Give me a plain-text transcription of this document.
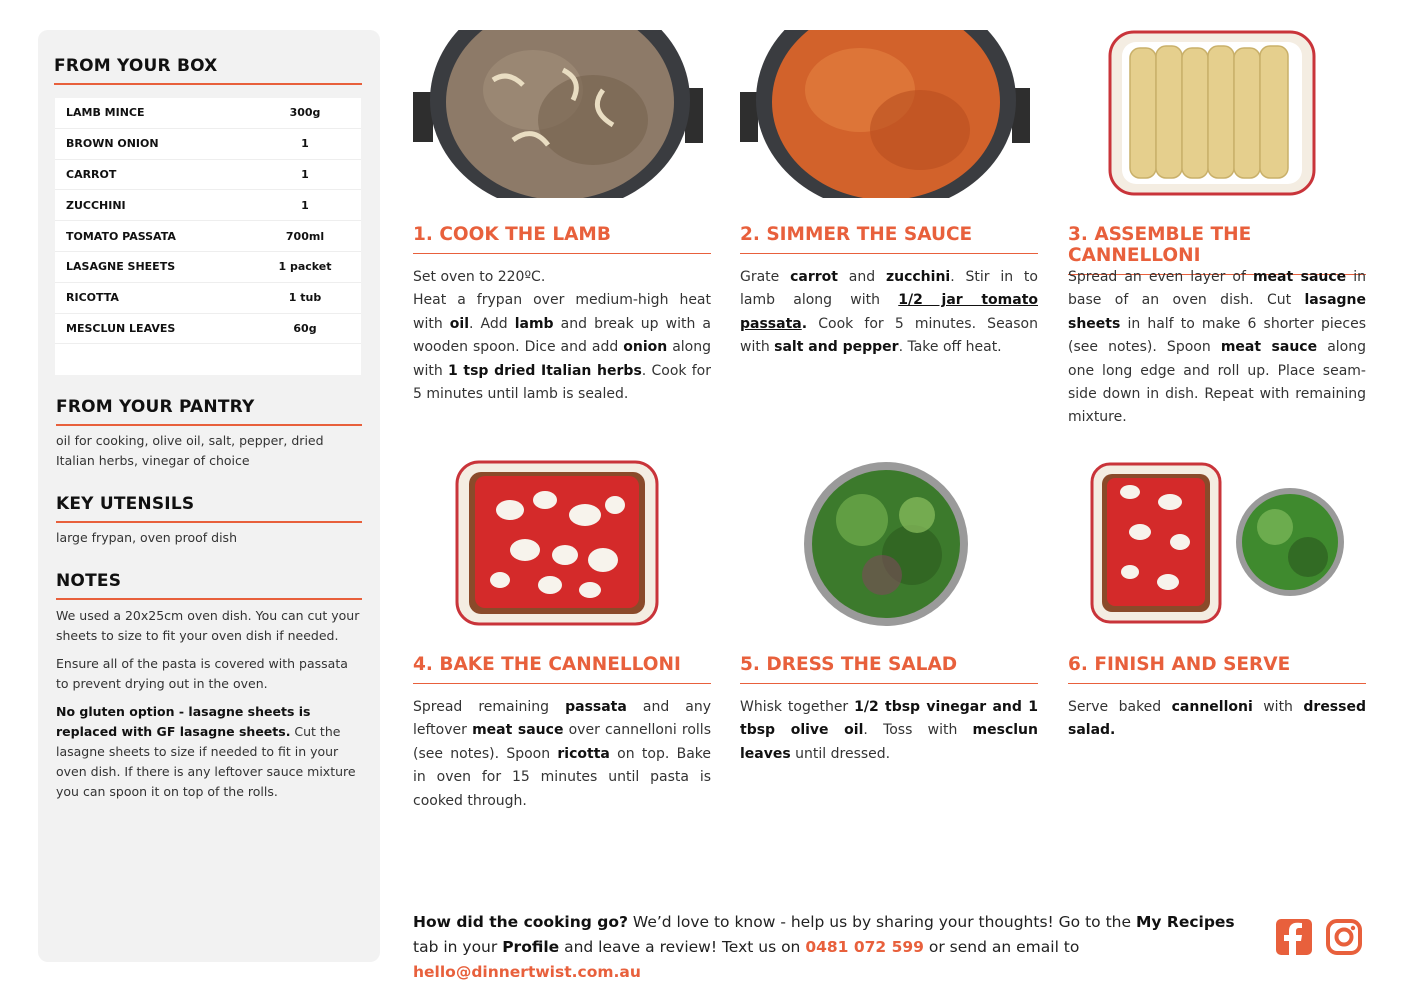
FROM YOUR BOX
LAMB MINCE	300g
BROWN ONION	1
CARROT	1
ZUCCHINI	1
TOMATO PASSATA	700ml
LASAGNE SHEETS	1 packet
RICOTTA	1 tub
MESCLUN LEAVES	60g
FROM YOUR PANTRY
oil for cooking, olive oil, salt, pepper, dried Italian herbs, vinegar of choice
KEY UTENSILS
large frypan, oven proof dish
NOTES

We used a 20x25cm oven dish. You can cut your sheets to size to fit your oven dish if needed.

Ensure all of the pasta is covered with passata to prevent drying out in the oven.

No gluten option - lasagne sheets is replaced with GF lasagne sheets. Cut the lasagne sheets to size if needed to fit in your oven dish. If there is any leftover sauce mixture you can spoon it on top of the rolls.

1. COOK THE LAMB
Set oven to 220ºC.
Heat a frypan over medium-high heat with oil. Add lamb and break up with a wooden spoon. Dice and add onion along with 1 tsp dried Italian herbs. Cook for 5 minutes until lamb is sealed.
2. SIMMER THE SAUCE
Grate carrot and zucchini. Stir in to lamb along with 1/2 jar tomato passata. Cook for 5 minutes. Season with salt and pepper. Take off heat.
3. ASSEMBLE THE CANNELLONI
Spread an even layer of meat sauce in base of an oven dish. Cut lasagne sheets in half to make 6 shorter pieces (see notes). Spoon meat sauce along one long edge and roll up. Place seam-side down in dish. Repeat with remaining mixture.
4. BAKE THE CANNELLONI
Spread remaining passata and any leftover meat sauce over cannelloni rolls (see notes). Spoon ricotta on top. Bake in oven for 15 minutes until pasta is cooked through.
5. DRESS THE SALAD
Whisk together 1/2 tbsp vinegar and 1 tbsp olive oil. Toss with mesclun leaves until dressed.
6. FINISH AND SERVE
Serve baked cannelloni with dressed salad.
How did the cooking go? We’d love to know - help us by sharing your thoughts! Go to the My Recipes tab in your Profile and leave a review! Text us on 0481 072 599 or send an email to hello@dinnertwist.com.au
